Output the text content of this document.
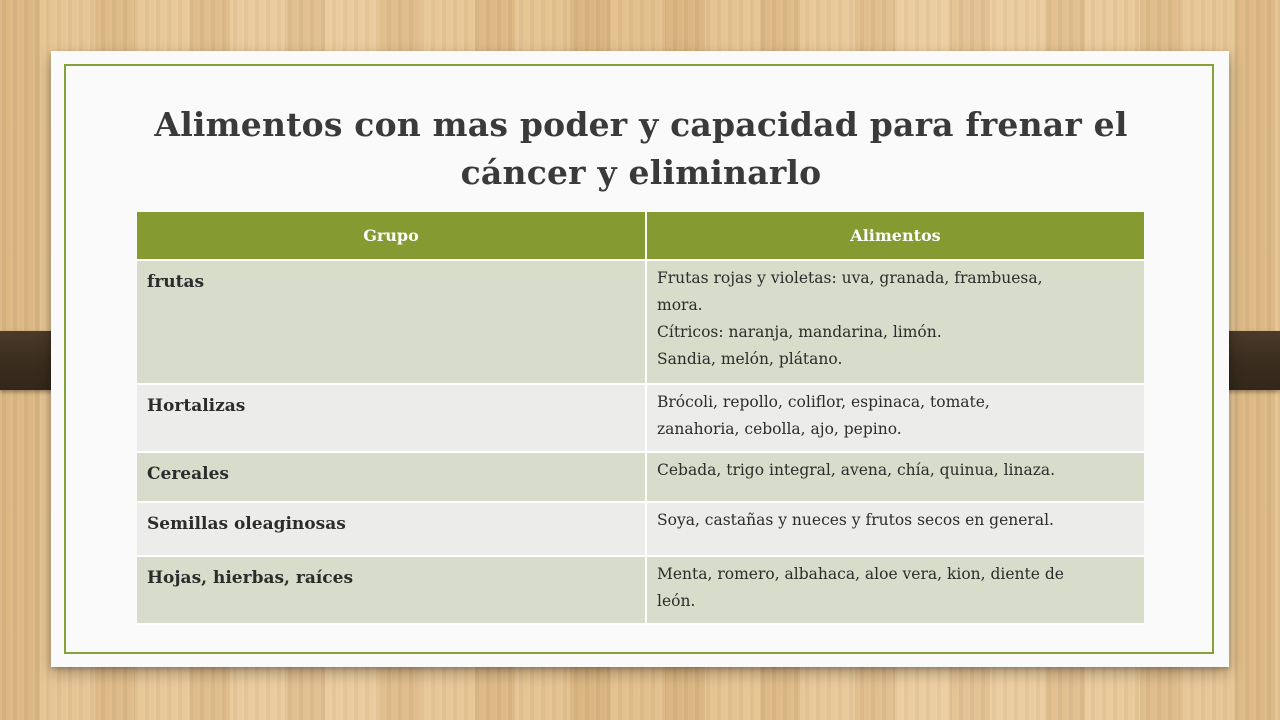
Alimentos con mas poder y capacidad para frenar el cáncer y eliminarlo
Grupo	Alimentos
frutas	Frutas rojas y violetas: uva, granada, frambuesa,
mora.
Cítricos: naranja, mandarina, limón.
Sandia, melón, plátano.

Hortalizas	Brócoli, repollo, coliflor, espinaca, tomate,
zanahoria, cebolla, ajo, pepino.

Cereales	Cebada, trigo integral, avena, chía, quinua, linaza.

Semillas oleaginosas	Soya, castañas y nueces y frutos secos en general.

Hojas, hierbas, raíces	Menta, romero, albahaca, aloe vera, kion, diente de
león.
